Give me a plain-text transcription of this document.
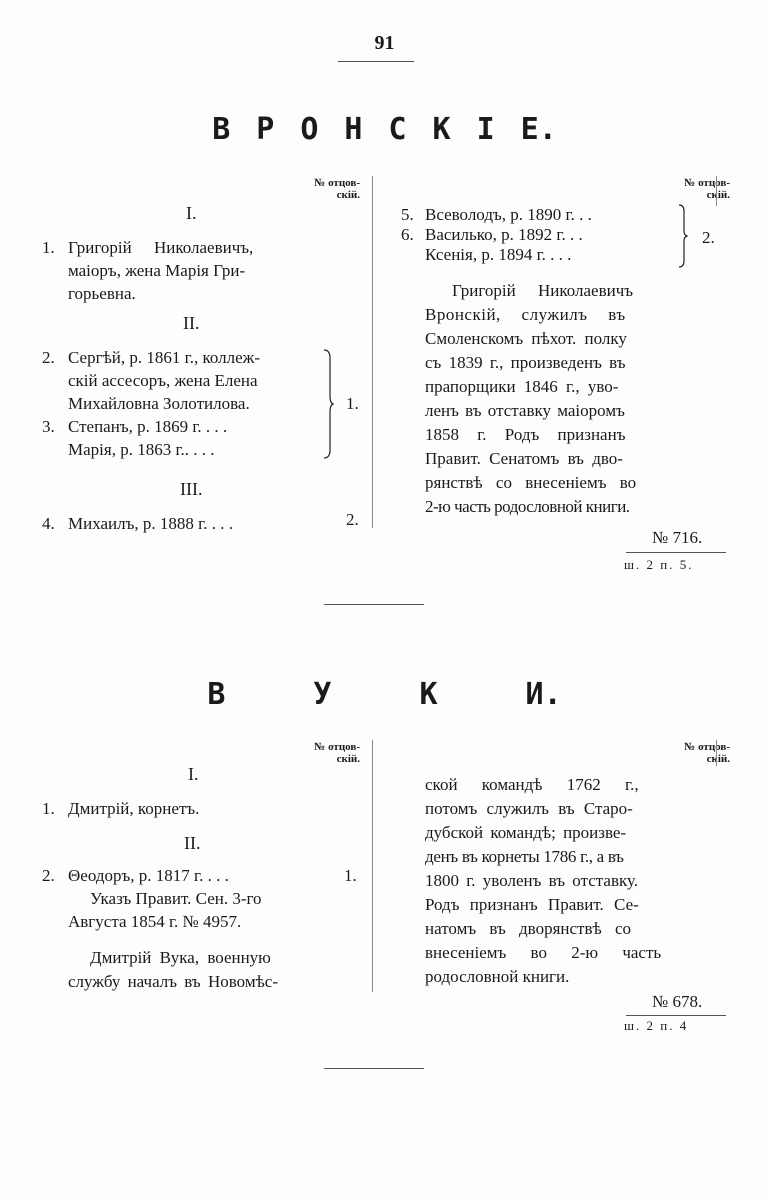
91
В Р О Н С К І Е.
№ отцов-
скій.
№ отцов-
скій.
I.
1. Григорій Николаевичъ,
маіоръ, жена Марія Гри-
горьевна.
II.
2. Сергѣй, р. 1861 г., коллеж-
скій ассесоръ, жена Елена
Михайловна Золотилова.
3. Степанъ, р. 1869 г. . . .
Марія, р. 1863 г.. . . .
1.
III.
4. Михаилъ, р. 1888 г. . . .	2.
5. Всеволодъ, р. 1890 г. . .
6. Василько, р. 1892 г. . .
Ксенія, р. 1894 г. . . .
2.
Григорій Николаевичъ
Вронскій, служилъ въ
Смоленскомъ пѣхот. полку
съ 1839 г., произведенъ въ
прапорщики 1846 г., уво-
ленъ въ отставку маіоромъ
1858 г. Родъ признанъ
Правит. Сенатомъ въ дво-
рянствѣ со внесеніемъ во
2-ю часть родословной книги.
№ 716.
ш. 2 п. 5.
В	У	К	И.
№ отцов-
скій.
№ отцов-
скій.
I.
1. Дмитрій, корнетъ.
II.
2. Θеодоръ, р. 1817 г. . . .	1.
Указъ Правит. Сен. 3-го
Августа 1854 г. № 4957.
Дмитрій Вука, военную
службу началъ въ Новомѣс-
ской командѣ 1762 г.,
потомъ служилъ въ Старо-
дубской командѣ; произве-
денъ въ корнеты 1786 г., а въ
1800 г. уволенъ въ отставку.
Родъ признанъ Правит. Се-
натомъ въ дворянствѣ со
внесеніемъ во 2-ю часть
родословной книги.
№ 678.
ш. 2 п. 4
